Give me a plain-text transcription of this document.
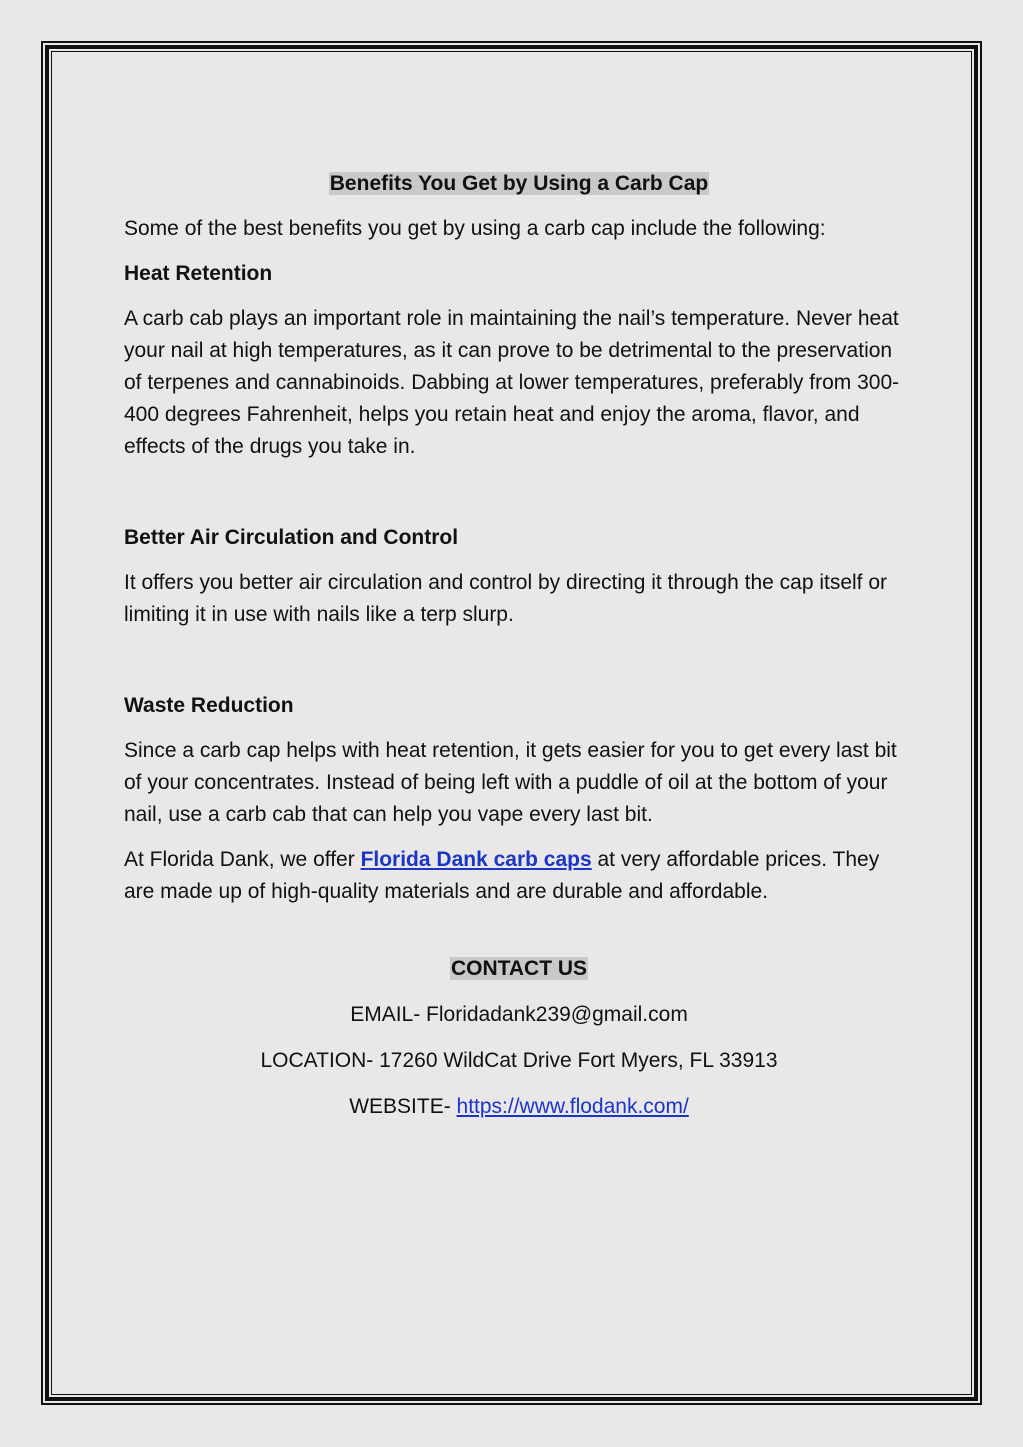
Benefits You Get by Using a Carb Cap

Some of the best benefits you get by using a carb cap include the following:

Heat Retention

A carb cab plays an important role in maintaining the nail’s temperature. Never heat your nail at high temperatures, as it can prove to be detrimental to the preservation of terpenes and cannabinoids. Dabbing at lower temperatures, preferably from 300-400 degrees Fahrenheit, helps you retain heat and enjoy the aroma, flavor, and effects of the drugs you take in.

Better Air Circulation and Control

It offers you better air circulation and control by directing it through the cap itself or limiting it in use with nails like a terp slurp.

Waste Reduction

Since a carb cap helps with heat retention, it gets easier for you to get every last bit of your concentrates. Instead of being left with a puddle of oil at the bottom of your nail, use a carb cab that can help you vape every last bit.

At Florida Dank, we offer Florida Dank carb caps at very affordable prices. They are made up of high-quality materials and are durable and affordable.

CONTACT US

EMAIL- Floridadank239@gmail.com

LOCATION- 17260 WildCat Drive Fort Myers, FL 33913

WEBSITE- https://www.flodank.com/
